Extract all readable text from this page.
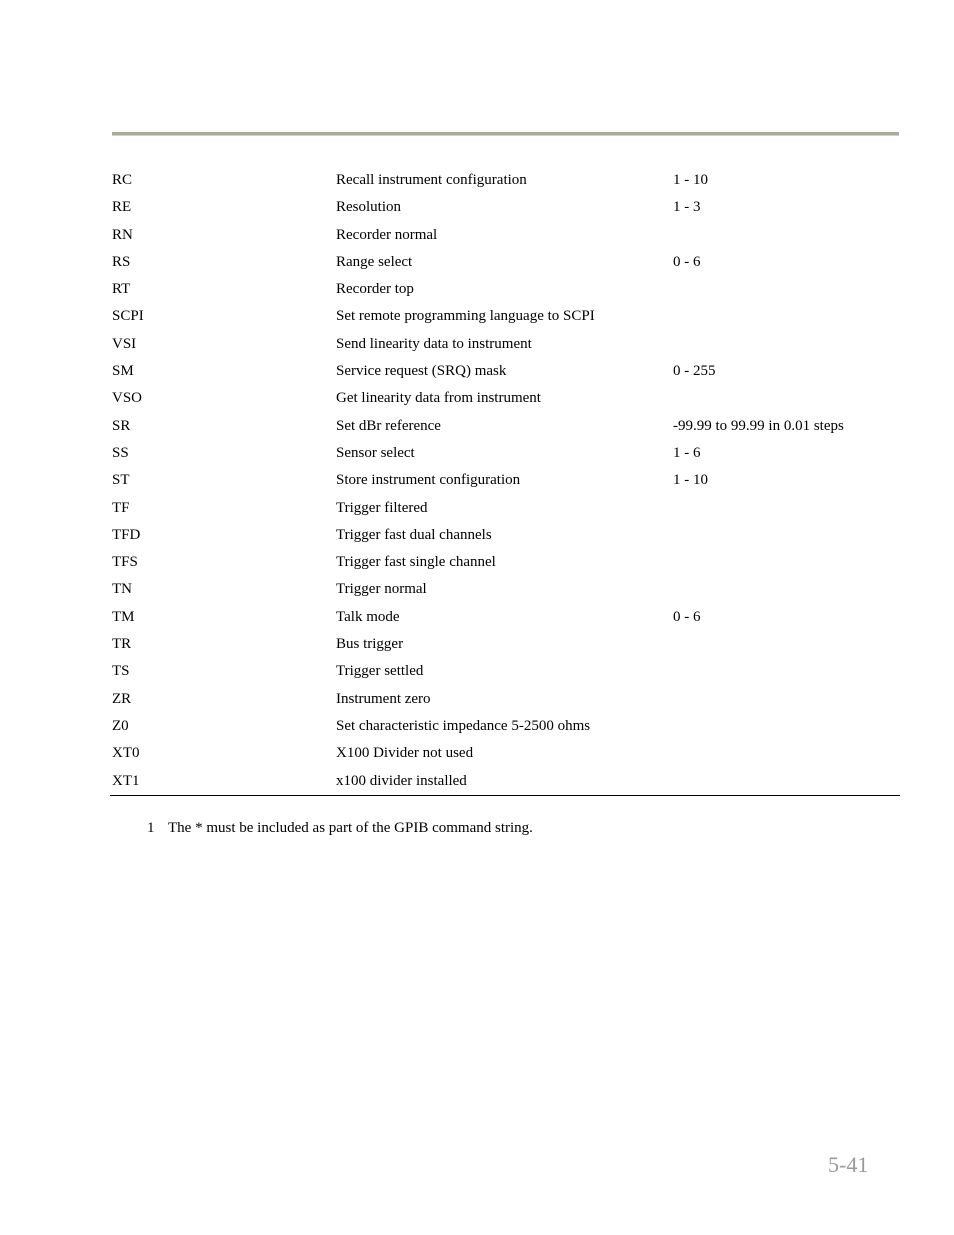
RC	Recall instrument configuration	1 - 10
RE	Resolution	1 - 3
RN	Recorder normal
RS	Range select	0 - 6
RT	Recorder top
SCPI	Set remote programming language to SCPI
VSI	Send linearity data to instrument
SM	Service request (SRQ) mask	0 - 255
VSO	Get linearity data from instrument
SR	Set dBr reference	-99.99 to 99.99 in 0.01 steps
SS	Sensor select	1 - 6
ST	Store instrument configuration	1 - 10
TF	Trigger filtered
TFD	Trigger fast dual channels
TFS	Trigger fast single channel
TN	Trigger normal
TM	Talk mode	0 - 6
TR	Bus trigger
TS	Trigger settled
ZR	Instrument zero
Z0	Set characteristic impedance 5-2500 ohms
XT0	X100 Divider not used
XT1	x100 divider installed
1 The * must be included as part of the GPIB command string.
5-41
